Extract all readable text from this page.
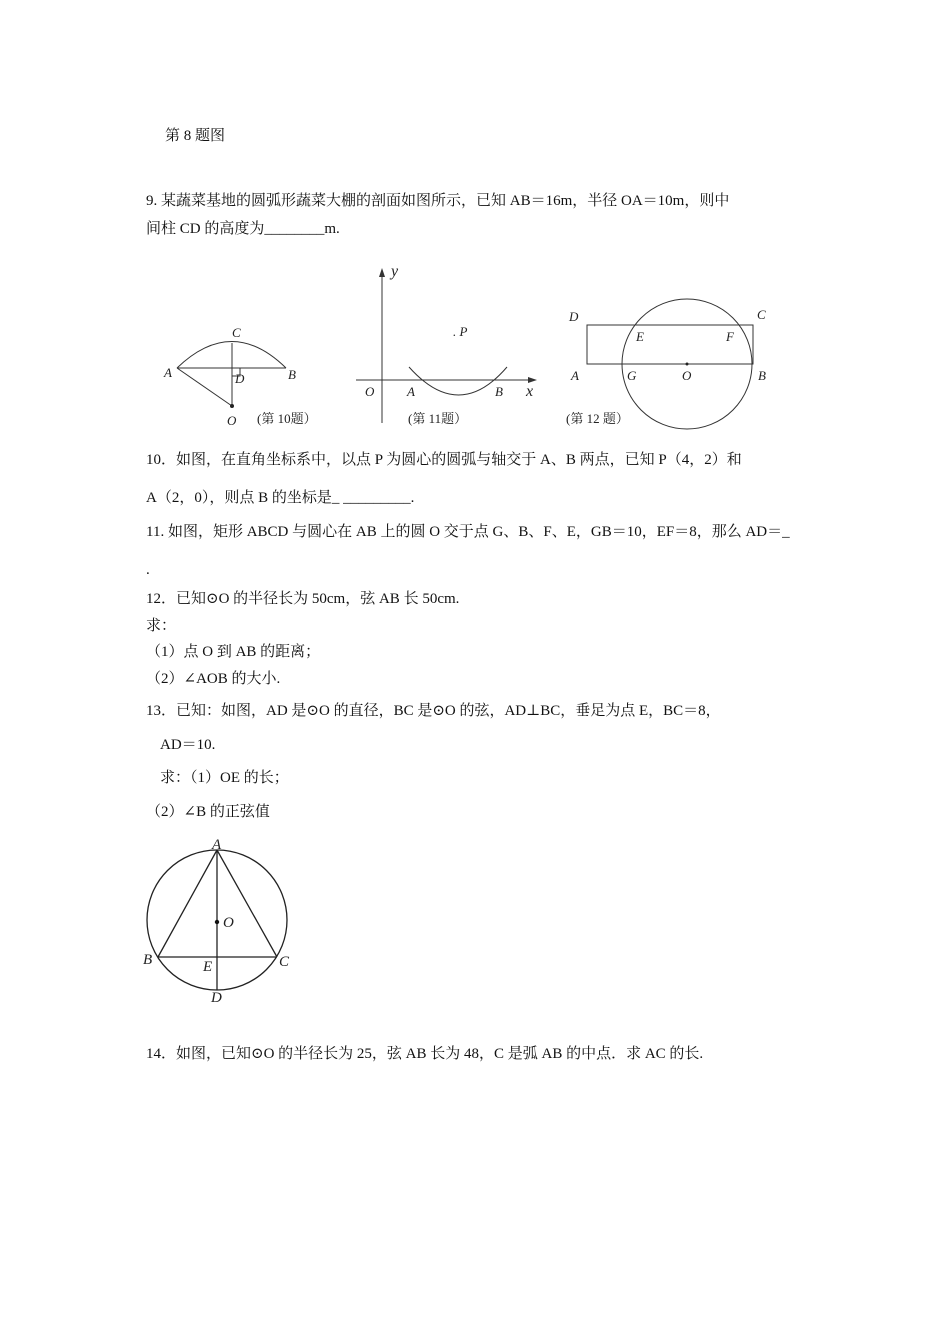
第 8 题图
9. 某蔬菜基地的圆弧形蔬菜大棚的剖面如图所示，已知 AB＝16m，半径 OA＝10m，则中
间柱 CD 的高度为________m.
C
A	B
D
O (第 10题）
y
x
O	A	B
. P
(第 11题）
D	C
E	F
A	G	O	B
(第 12 题）
10．如图，在直角坐标系中，以点 P 为圆心的圆弧与轴交于 A、B 两点，已知 P（4，2）和
A（2，0），则点 B 的坐标是_ _________.
11. 如图，矩形 ABCD 与圆心在 AB 上的圆 O 交于点 G、B、F、E，GB＝10，EF＝8，那么 AD＝_
.
12．已知⊙O 的半径长为 50cm，弦 AB 长 50cm.
求：
（1）点 O 到 AB 的距离；
（2）∠AOB 的大小.
13．已知：如图，AD 是⊙O 的直径，BC 是⊙O 的弦，AD⊥BC，垂足为点 E，BC＝8，
AD＝10.
求：（1）OE 的长；
（2）∠B 的正弦值
A
O
B	C
E
D
14．如图，已知⊙O 的半径长为 25，弦 AB 长为 48，C 是弧 AB 的中点．求 AC 的长.
